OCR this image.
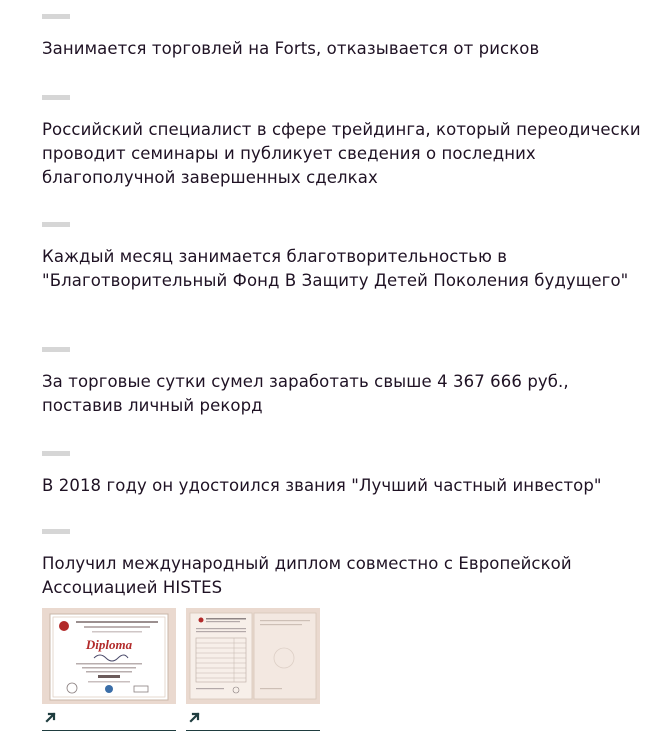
Занимается торговлей на Forts, отказывается от рисков

Российский специалист в сфере трейдинга, который переодически проводит семинары и публикует сведения о последних благополучной завершенных сделках

Каждый месяц занимается благотворительностью в "Благотворительный Фонд В Защиту Детей Поколения будущего"

За торговые сутки сумел заработать свыше 4 367 666 руб., поставив личный рекорд

В 2018 году он удостоился звания "Лучший частный инвестор"

Получил международный диплом совместно с Европейской Ассоциацией HISTES

Diploma
